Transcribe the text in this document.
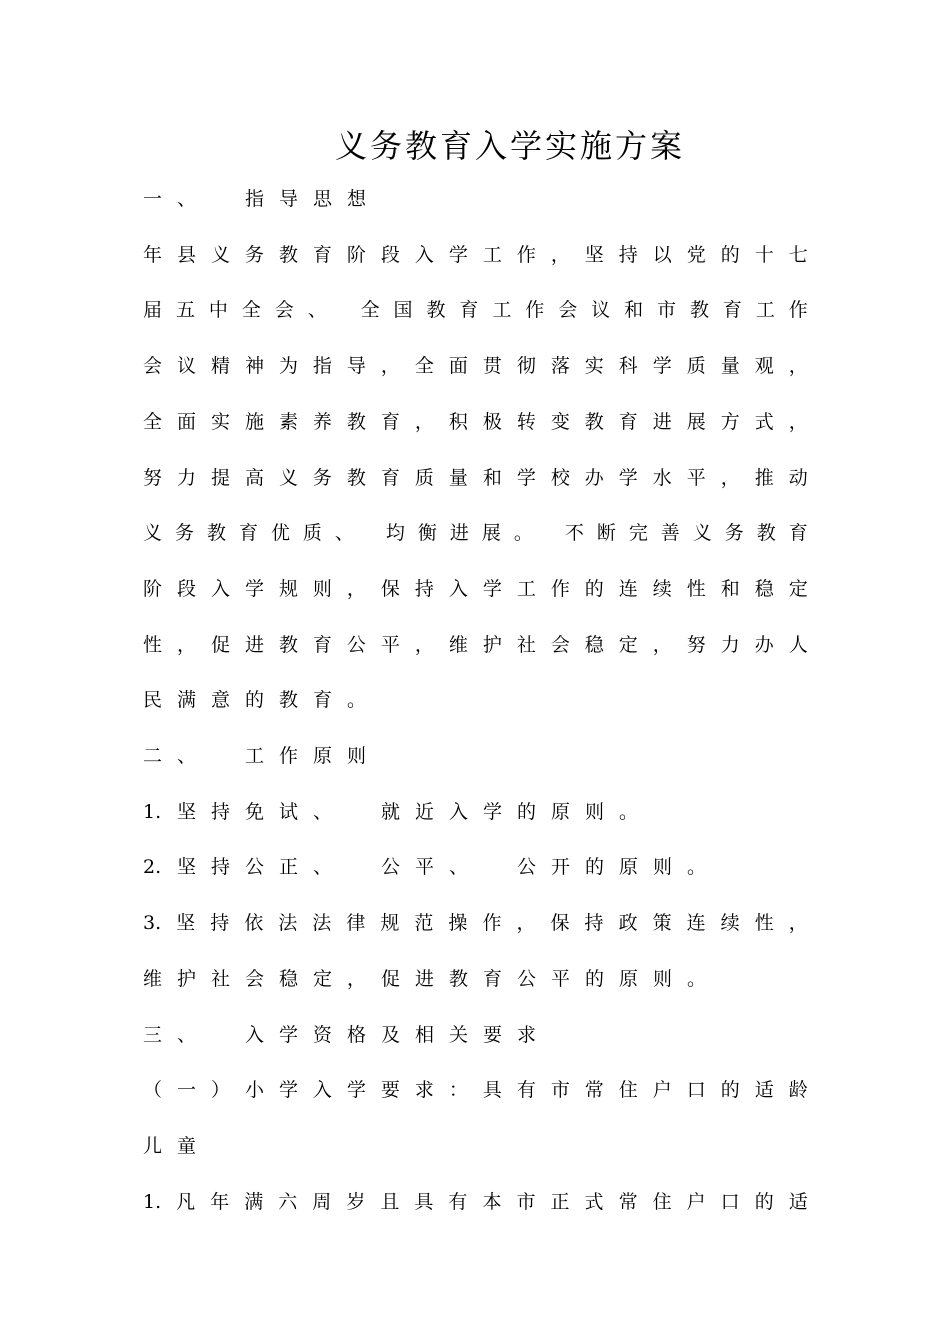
义务教育入学实施方案
一 、
	指 导 思 想
年 县 义 务 教 育 阶 段 入 学 工 作 ， 坚 持 以 党 的 十 七
届 五 中 全 会 、
全 国 教 育 工 作 会 议 和 市 教 育 工 作
会 议 精 神 为 指 导 ， 全 面 贯 彻 落 实 科 学 质 量 观 ，
全 面 实 施 素 养 教 育 ， 积 极 转 变 教 育 进 展 方 式 ，
努 力 提 高 义 务 教 育 质 量 和 学 校 办 学 水 平 ， 推 动
义 务 教 育 优 质 、
均 衡 进 展 。
不 断 完 善 义 务 教 育
阶 段 入 学 规 则 ， 保 持 入 学 工 作 的 连 续 性 和 稳 定
性 ， 促 进 教 育 公 平 ， 维 护 社 会 稳 定 ， 努 力 办 人
民 满 意 的 教 育 。
二 、
	工 作 原 则
1. 坚 持 免 试 、
	就 近 入 学 的 原 则 。
2. 坚 持 公 正 、
	公 平 、
	公 开 的 原 则 。
3. 坚 持 依 法 法 律 规 范 操 作 ， 保 持 政 策 连 续 性 ，
维 护 社 会 稳 定 ， 促 进 教 育 公 平 的 原 则 。
三 、
	入 学 资 格 及 相 关 要 求
（ 一 ） 小 学 入 学 要 求 ： 具 有 市 常 住 户 口 的 适 龄
儿 童
1. 凡 年 满 六 周 岁 且 具 有 本 市 正 式 常 住 户 口 的 适
